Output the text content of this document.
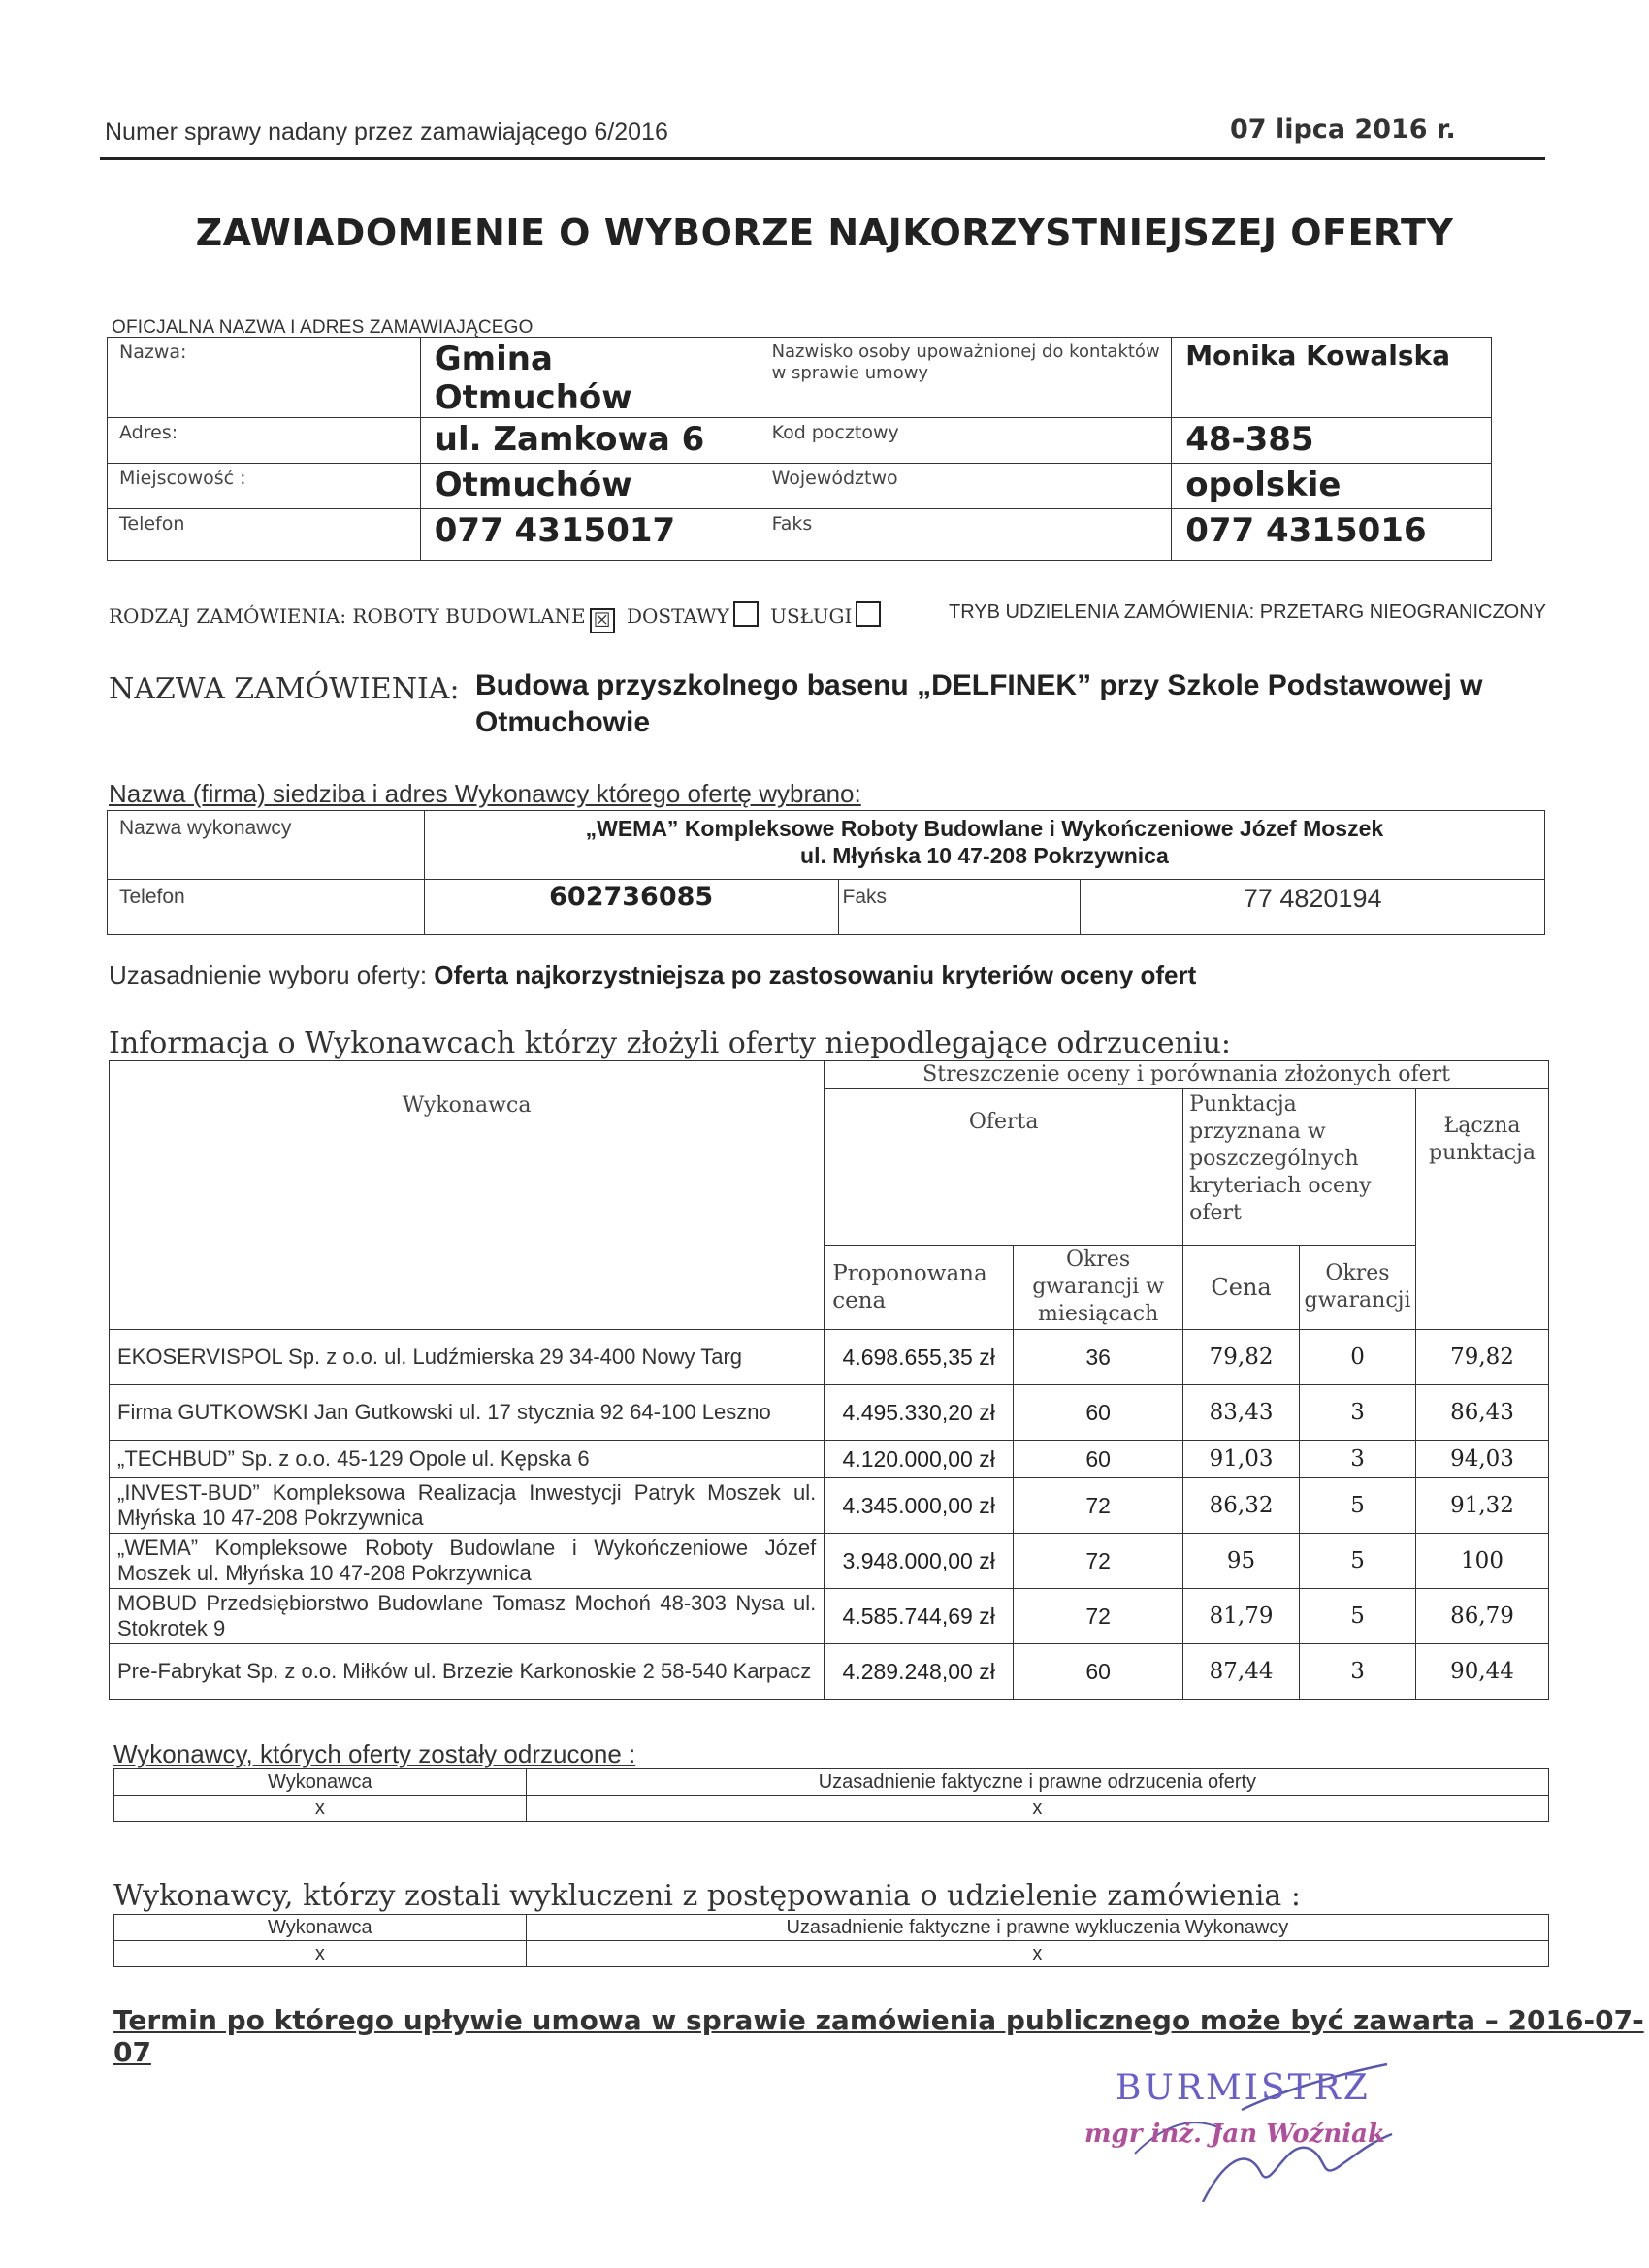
Numer sprawy nadany przez zamawiającego 6/2016	07 lipca 2016 r.
ZAWIADOMIENIE O WYBORZE NAJKORZYSTNIEJSZEJ OFERTY
OFICJALNA NAZWA I ADRES ZAMAWIAJĄCEGO
Nazwa:	Gmina Otmuchów	Nazwisko osoby upoważnionej do kontaktów w sprawie umowy	Monika Kowalska
Adres:	ul. Zamkowa 6	Kod pocztowy	48-385
Miejscowość :	Otmuchów	Województwo	opolskie
Telefon	077 4315017	Faks	077 4315016
RODZAJ ZAMÓWIENIA: ROBOTY BUDOWLANE ☒ DOSTAWY USŁUGI	TRYB UDZIELENIA ZAMÓWIENIA: PRZETARG NIEOGRANICZONY
NAZWA ZAMÓWIENIA: Budowa przyszkolnego basenu „DELFINEK” przy Szkole Podstawowej w Otmuchowie
Nazwa (firma) siedziba i adres Wykonawcy którego ofertę wybrano:
Nazwa wykonawcy	„WEMA” Kompleksowe Roboty Budowlane i Wykończeniowe Józef Moszek
ul. Młyńska 10 47-208 Pokrzywnica		

Telefon	602736085	Faks	77 4820194
Uzasadnienie wyboru oferty: Oferta najkorzystniejsza po zastosowaniu kryteriów oceny ofert
Informacja o Wykonawcach którzy złożyli oferty niepodlegające odrzuceniu:
Wykonawca	Streszczenie oceny i porównania złożonych ofert				
	Oferta		Punktacja przyznana w poszczególnych kryteriach oceny ofert		Łączna punktacja
	Proponowana cena	Okres gwarancji w miesiącach	Cena	Okres gwarancji	
EKOSERVISPOL Sp. z o.o. ul. Ludźmierska 29 34-400 Nowy Targ	4.698.655,35 zł	36	79,82	0	79,82
Firma GUTKOWSKI Jan Gutkowski ul. 17 stycznia 92 64-100 Leszno	4.495.330,20 zł	60	83,43	3	86,43
„TECHBUD” Sp. z o.o. 45-129 Opole ul. Kępska 6	4.120.000,00 zł	60	91,03	3	94,03
„INVEST-BUD” Kompleksowa Realizacja Inwestycji Patryk Moszek ul. Młyńska 10 47-208 Pokrzywnica	4.345.000,00 zł	72	86,32	5	91,32
„WEMA” Kompleksowe Roboty Budowlane i Wykończeniowe Józef Moszek ul. Młyńska 10 47-208 Pokrzywnica	3.948.000,00 zł	72	95	5	100
MOBUD Przedsiębiorstwo Budowlane Tomasz Mochoń 48-303 Nysa ul. Stokrotek 9	4.585.744,69 zł	72	81,79	5	86,79
Pre-Fabrykat Sp. z o.o. Miłków ul. Brzezie Karkonoskie 2 58-540 Karpacz	4.289.248,00 zł	60	87,44	3	90,44
Wykonawcy, których oferty zostały odrzucone :
Wykonawca	Uzasadnienie faktyczne i prawne odrzucenia oferty
x	x
Wykonawcy, którzy zostali wykluczeni z postępowania o udzielenie zamówienia :
Wykonawca	Uzasadnienie faktyczne i prawne wykluczenia Wykonawcy
x	x
Termin po którego upływie umowa w sprawie zamówienia publicznego może być zawarta – 2016-07-07
BURMISTRZ
mgr inż. Jan Woźniak
